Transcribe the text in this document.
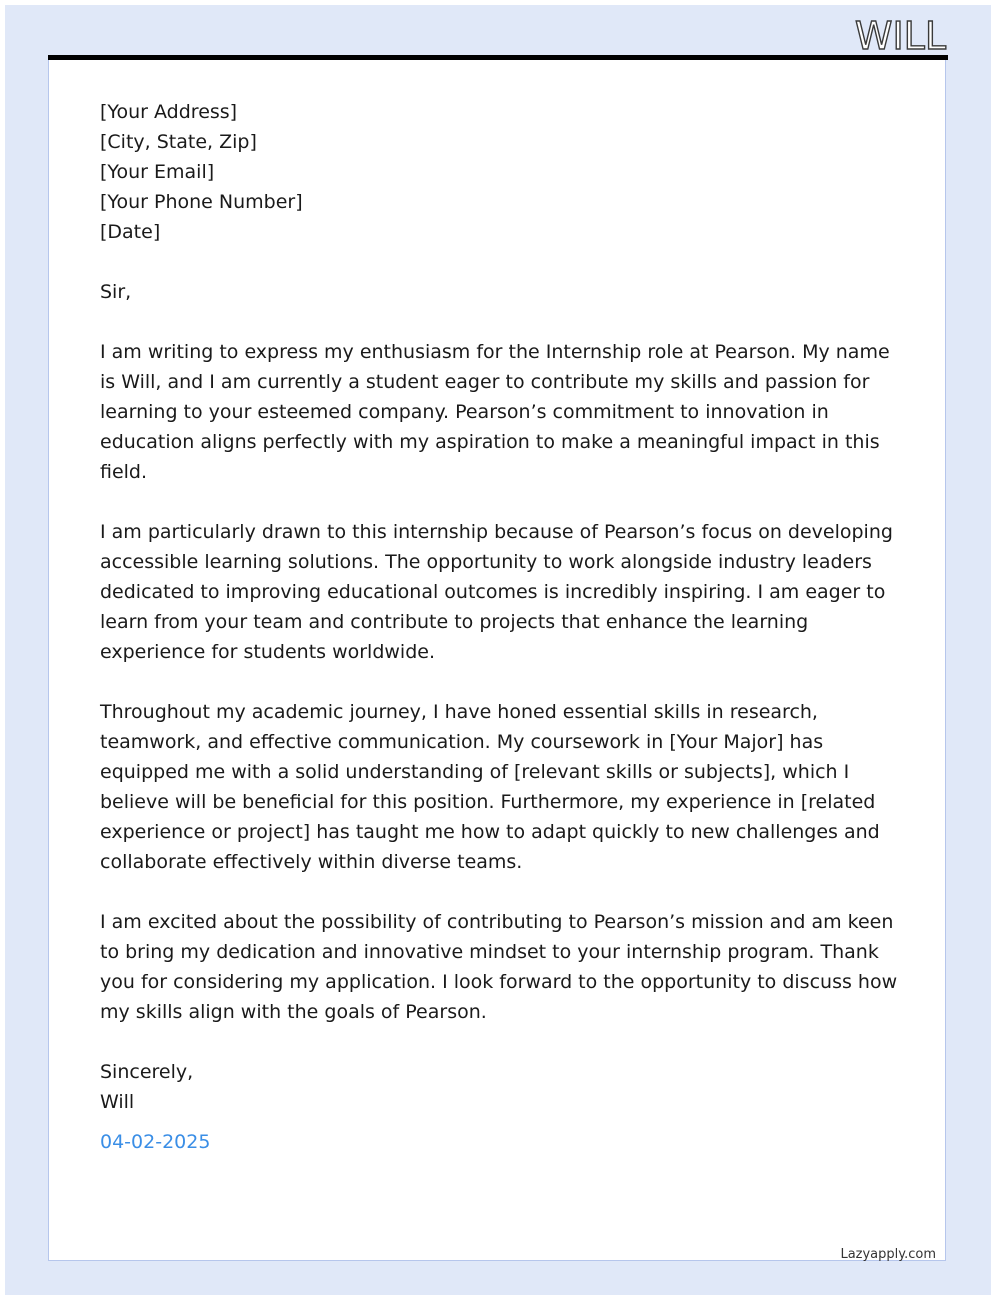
WILL

[Your Address]

[City, State, Zip]

[Your Email]

[Your Phone Number]

[Date]

Sir,

I am writing to express my enthusiasm for the Internship role at Pearson. My name is Will, and I am currently a student eager to contribute my skills and passion for learning to your esteemed company. Pearson’s commitment to innovation in education aligns perfectly with my aspiration to make a meaningful impact in this field.

I am particularly drawn to this internship because of Pearson’s focus on developing accessible learning solutions. The opportunity to work alongside industry leaders dedicated to improving educational outcomes is incredibly inspiring. I am eager to learn from your team and contribute to projects that enhance the learning experience for students worldwide.

Throughout my academic journey, I have honed essential skills in research, teamwork, and effective communication. My coursework in [Your Major] has equipped me with a solid understanding of [relevant skills or subjects], which I believe will be beneficial for this position. Furthermore, my experience in [related experience or project] has taught me how to adapt quickly to new challenges and collaborate effectively within diverse teams.

I am excited about the possibility of contributing to Pearson’s mission and am keen to bring my dedication and innovative mindset to your internship program. Thank you for considering my application. I look forward to the opportunity to discuss how my skills align with the goals of Pearson.

Sincerely,

Will

04-02-2025
Lazyapply.com
